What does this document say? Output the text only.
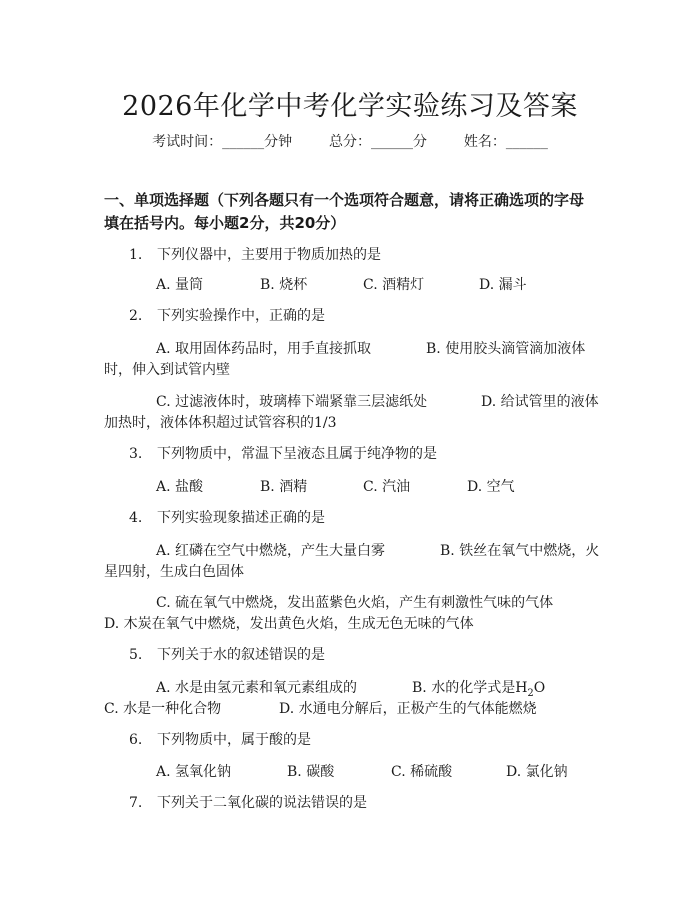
2026年化学中考化学实验练习及答案
考试时间：______分钟	总分：______分	姓名：______
一、单项选择题（下列各题只有一个选项符合题意，请将正确选项的字母填在括号内。每小题2分，共20分）
1. 下列仪器中，主要用于物质加热的是
A. 量筒	B. 烧杯	C. 酒精灯	D. 漏斗
2. 下列实验操作中，正确的是
A. 取用固体药品时，用手直接抓取	B. 使用胶头滴管滴加液体
时，伸入到试管内壁
C. 过滤液体时，玻璃棒下端紧靠三层滤纸处	D. 给试管里的液体
加热时，液体体积超过试管容积的1/3
3. 下列物质中，常温下呈液态且属于纯净物的是
A. 盐酸	B. 酒精	C. 汽油	D. 空气
4. 下列实验现象描述正确的是
A. 红磷在空气中燃烧，产生大量白雾	B. 铁丝在氧气中燃烧，火
星四射，生成白色固体
C. 硫在氧气中燃烧，发出蓝紫色火焰，产生有刺激性气味的气体
D. 木炭在氧气中燃烧，发出黄色火焰，生成无色无味的气体
5. 下列关于水的叙述错误的是
A. 水是由氢元素和氧元素组成的	B. 水的化学式是$H_2O$
C. 水是一种化合物	D. 水通电分解后，正极产生的气体能燃烧
6. 下列物质中，属于酸的是
A. 氢氧化钠	B. 碳酸	C. 稀硫酸	D. 氯化钠
7. 下列关于二氧化碳的说法错误的是
